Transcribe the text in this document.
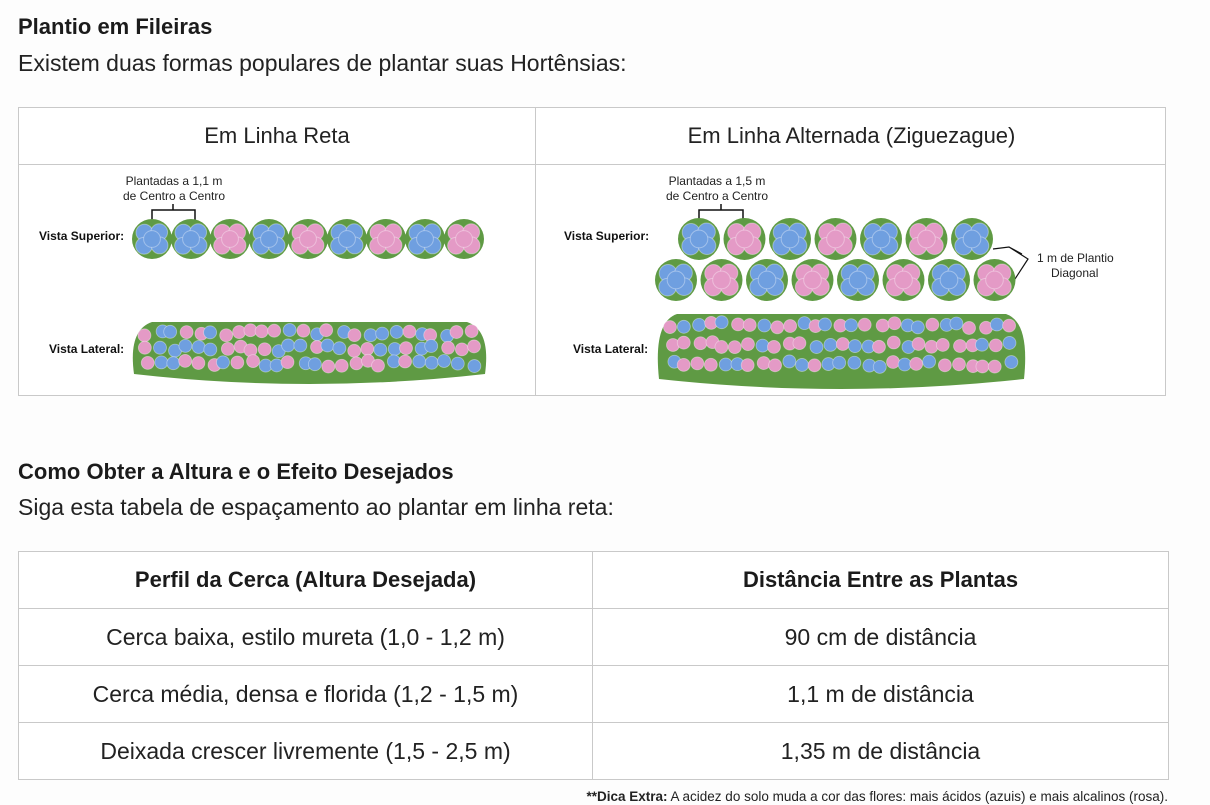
Plantio em Fileiras
Existem duas formas populares de plantar suas Hortênsias:
Em Linha Reta	Em Linha Alternada (Ziguezague)
Plantadas a 1,1 m
de Centro a Centro
Vista Superior:
Vista Lateral:
Plantadas a 1,5 m
de Centro a Centro
Vista Superior:
Vista Lateral:
1 m de Plantio
Diagonal
Como Obter a Altura e o Efeito Desejados
Siga esta tabela de espaçamento ao plantar em linha reta:
Perfil da Cerca (Altura Desejada)	Distância Entre as Plantas
Cerca baixa, estilo mureta (1,0 - 1,2 m)	90 cm de distância
Cerca média, densa e florida (1,2 - 1,5 m)	1,1 m de distância
Deixada crescer livremente (1,5 - 2,5 m)	1,35 m de distância
**Dica Extra: A acidez do solo muda a cor das flores: mais ácidos (azuis) e mais alcalinos (rosa).
